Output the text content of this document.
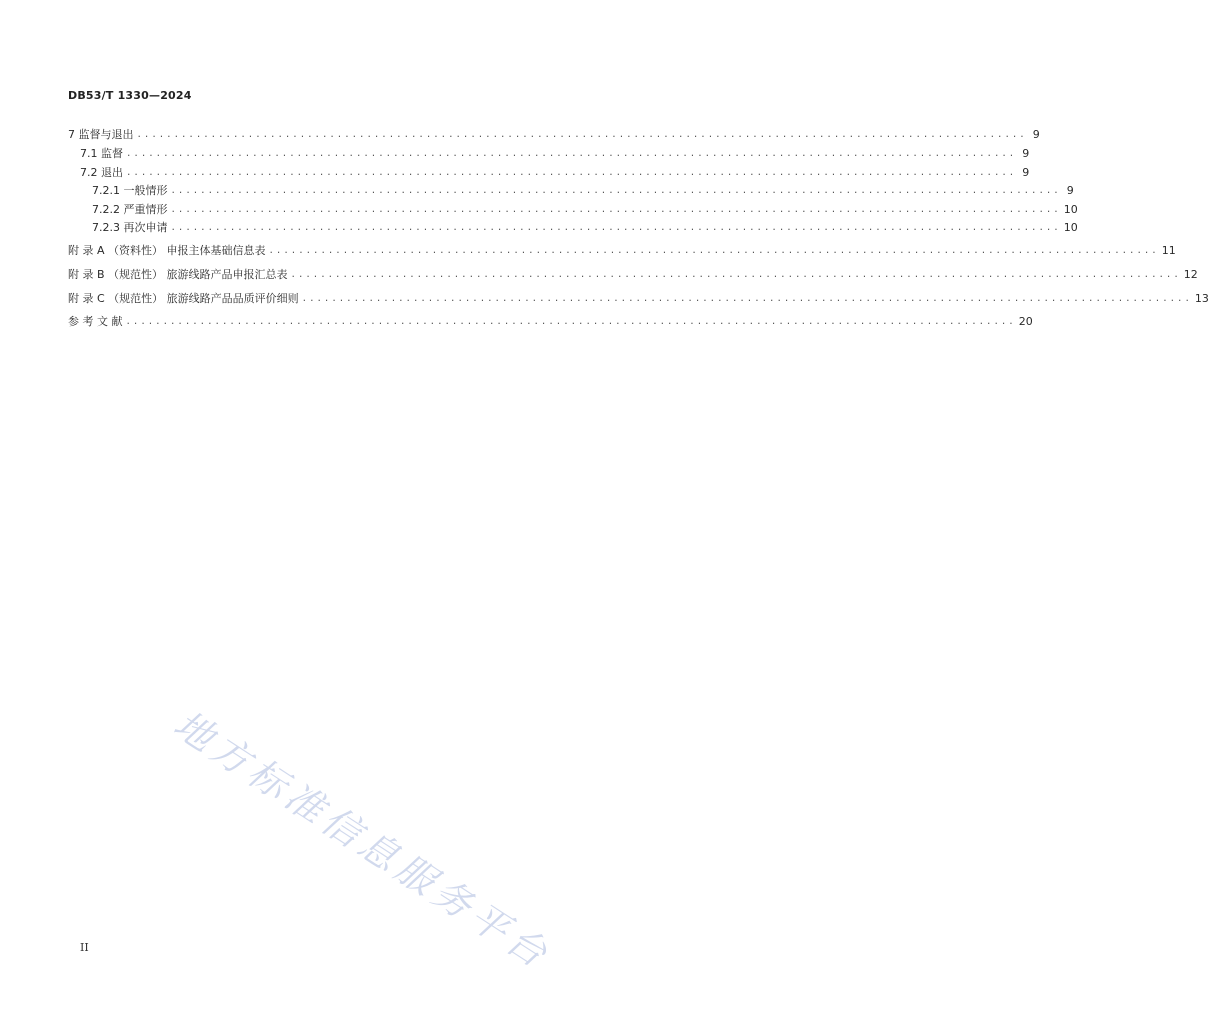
DB53/T 1330—2024
7 监督与退出 ........................................................................................................................ 9
7.1 监督 ........................................................................................................................ 9
7.2 退出 ........................................................................................................................ 9
7.2.1 一般情形 ........................................................................................................................ 9
7.2.2 严重情形 ........................................................................................................................ 10
7.2.3 再次申请 ........................................................................................................................ 10
附 录 A （资料性） 申报主体基础信息表 ........................................................................................................................ 11
附 录 B （规范性） 旅游线路产品申报汇总表 ........................................................................................................................ 12
附 录 C （规范性） 旅游线路产品品质评价细则 ........................................................................................................................ 13
参 考 文 献 ........................................................................................................................ 20
地方标准信息服务平台
II
